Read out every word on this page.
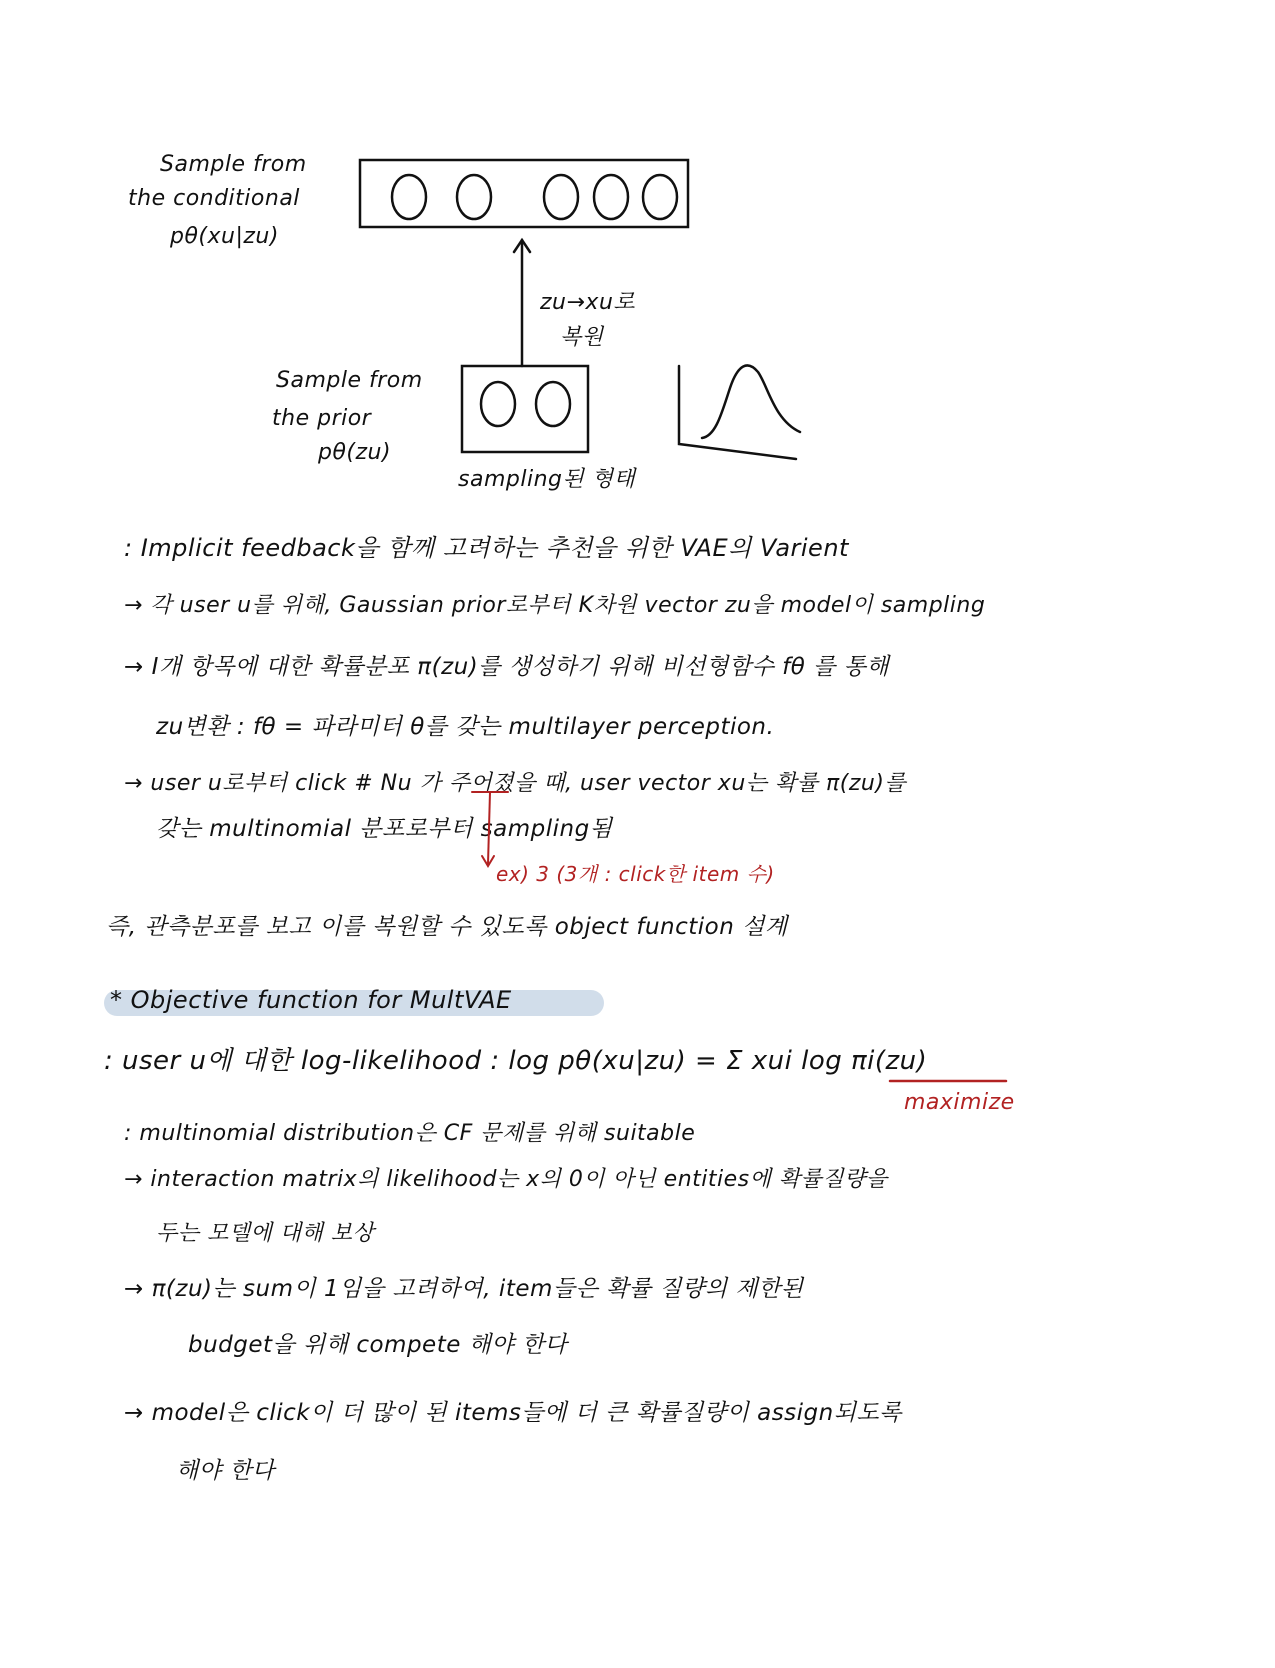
Sample from
the conditional
pθ(xu|zu)
zu→xu로
복원
Sample from
the prior
pθ(zu)
sampling된 형태
: Implicit feedback을 함께 고려하는 추천을 위한 VAE의 Varient
→ 각 user u를 위해, Gaussian prior로부터 K차원 vector zu을 model이 sampling
→ I개 항목에 대한 확률분포 π(zu)를 생성하기 위해 비선형함수 fθ 를 통해
zu변환 : fθ = 파라미터 θ를 갖는 multilayer perception.
→ user u로부터 click # Nu 가 주어졌을 때, user vector xu는 확률 π(zu)를
갖는 multinomial 분포로부터 sampling됨
ex) 3 (3개 : click한 item 수)
즉, 관측분포를 보고 이를 복원할 수 있도록 object function 설계
* Objective function for MultVAE
: user u에 대한 log-likelihood : log pθ(xu|zu) = Σ xui log πi(zu)
maximize
: multinomial distribution은 CF 문제를 위해 suitable
→ interaction matrix의 likelihood는 x의 0이 아닌 entities에 확률질량을
두는 모델에 대해 보상
→ π(zu)는 sum이 1임을 고려하여, item들은 확률 질량의 제한된
budget을 위해 compete 해야 한다
→ model은 click이 더 많이 된 items들에 더 큰 확률질량이 assign되도록
해야 한다
